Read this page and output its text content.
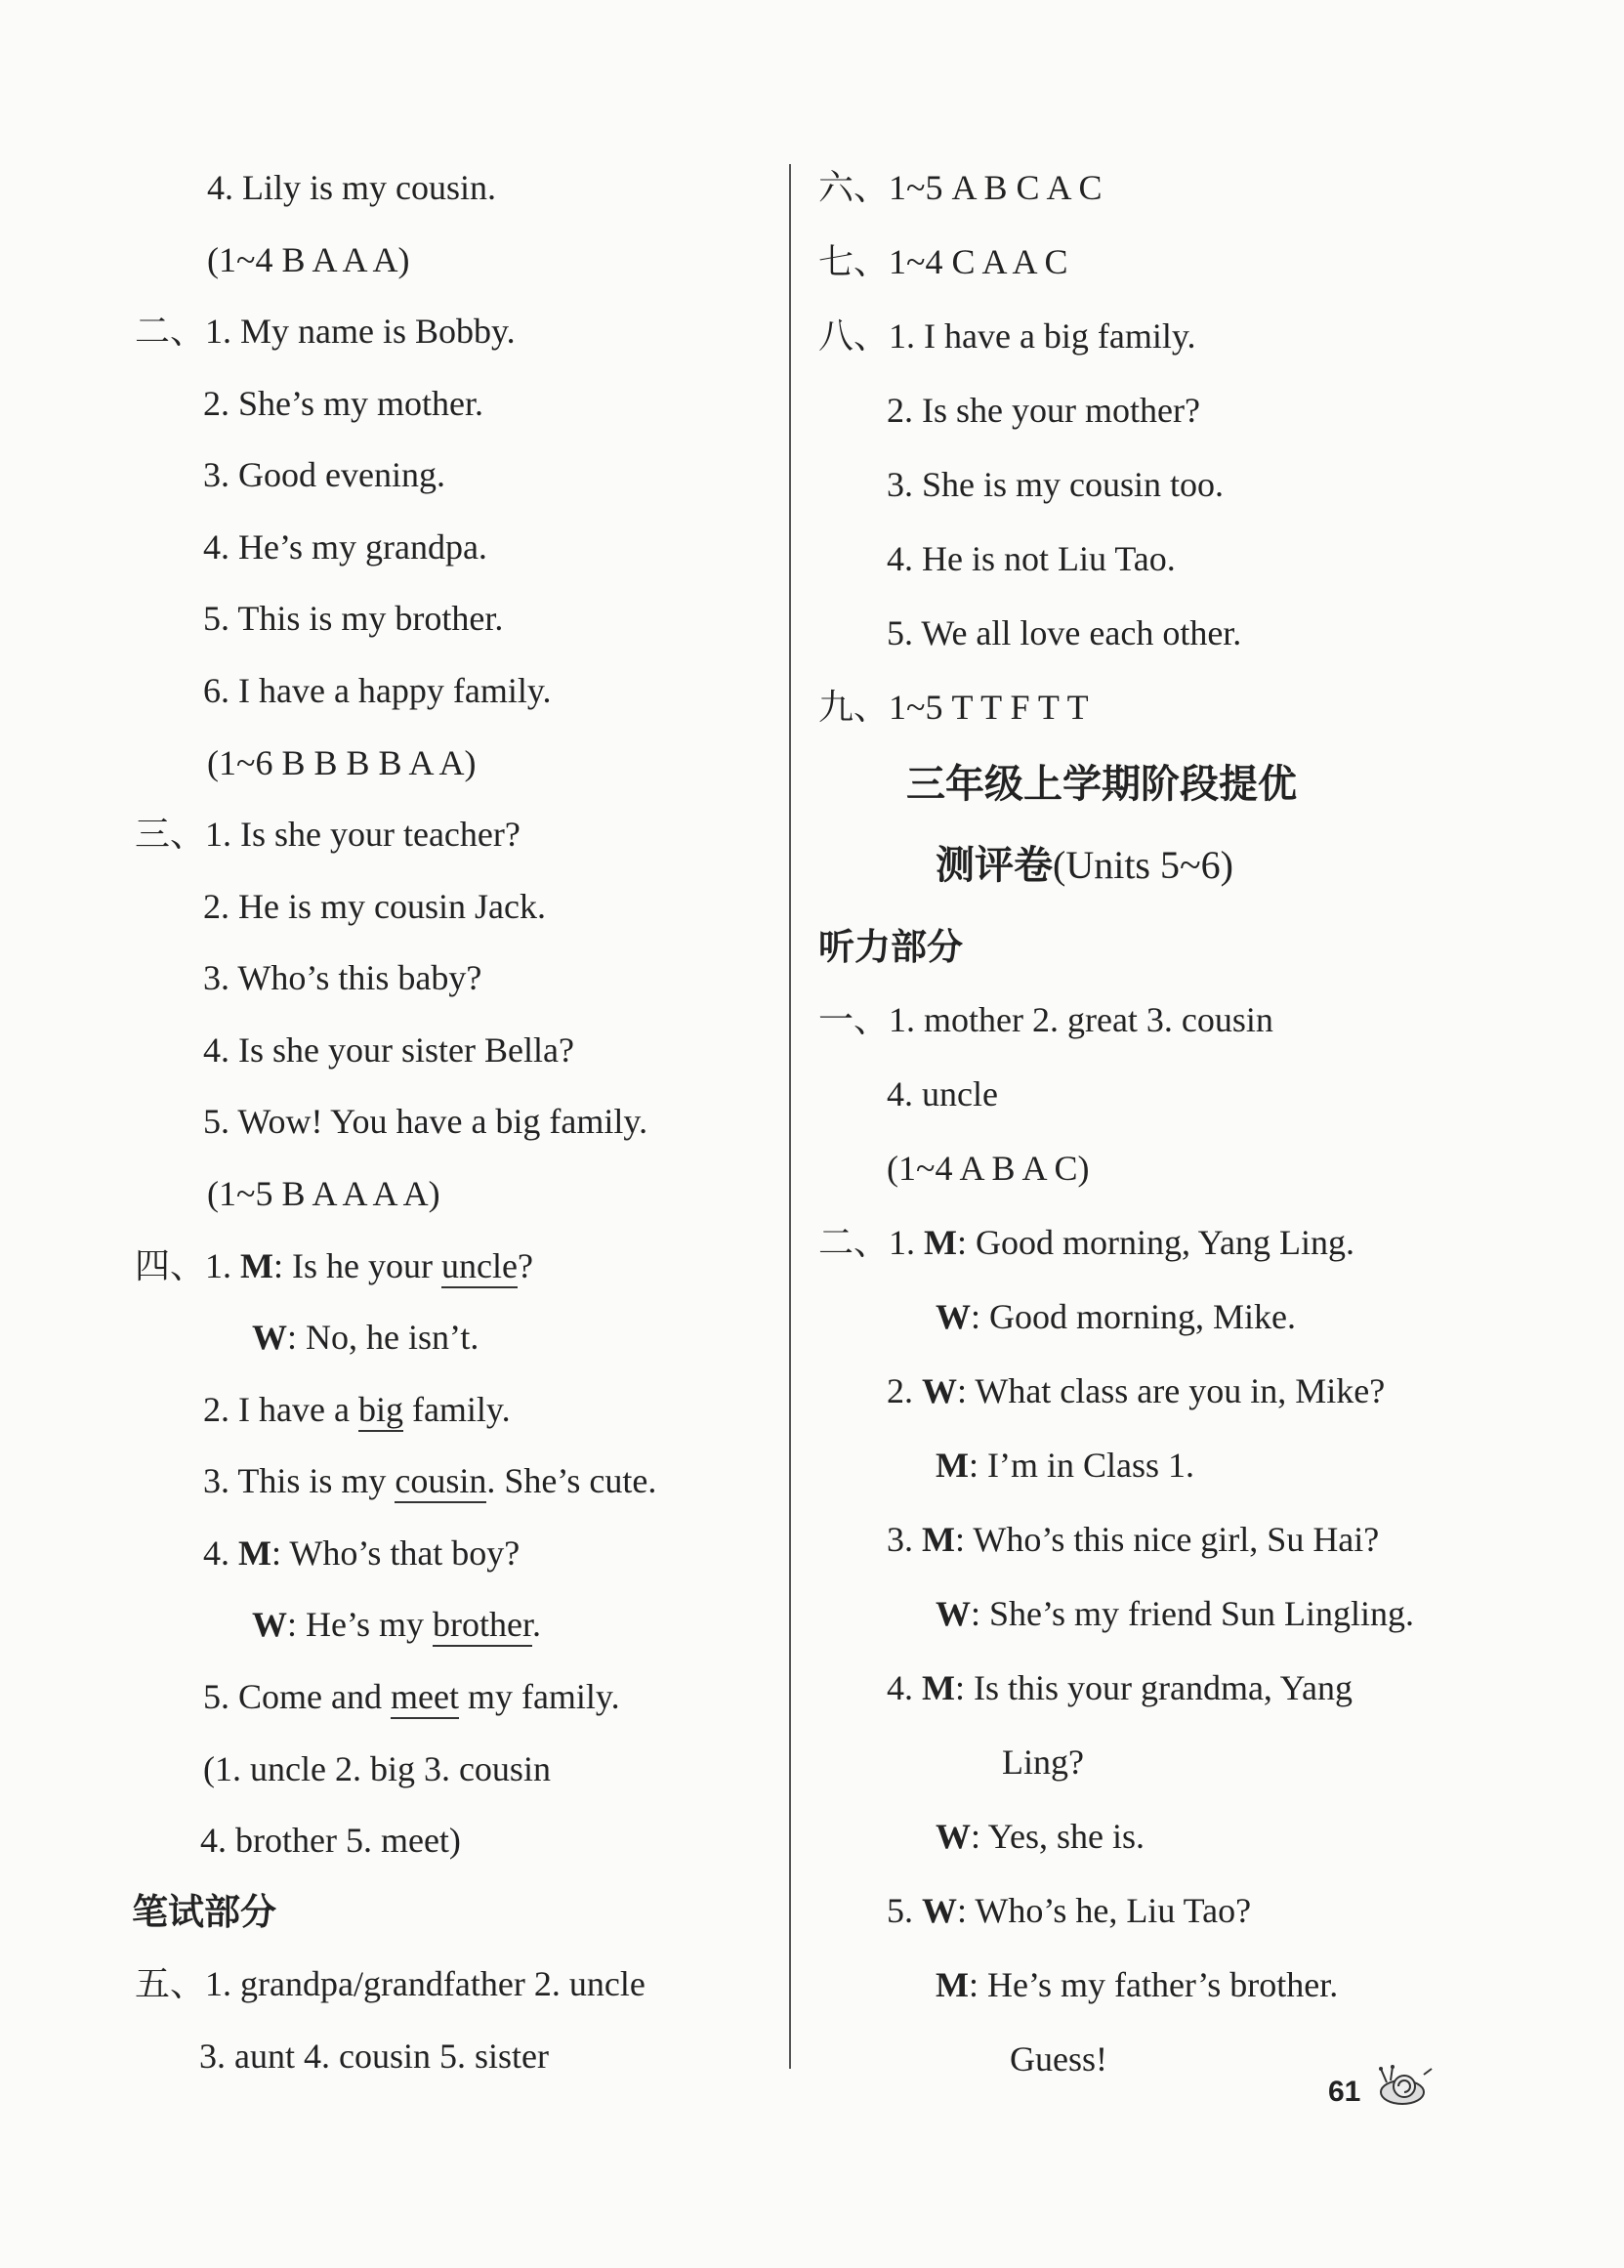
4. Lily is my cousin.
(1~4 B A A A)
二、1. My name is Bobby.
2. She’s my mother.
3. Good evening.
4. He’s my grandpa.
5. This is my brother.
6. I have a happy family.
(1~6 B B B B A A)
三、1. Is she your teacher?
2. He is my cousin Jack.
3. Who’s this baby?
4. Is she your sister Bella?
5. Wow! You have a big family.
(1~5 B A A A A)
四、1. M: Is he your uncle?
W: No, he isn’t.
2. I have a big family.
3. This is my cousin. She’s cute.
4. M: Who’s that boy?
W: He’s my brother.
5. Come and meet my family.
(1. uncle 2. big 3. cousin
4. brother 5. meet)
笔试部分
五、1. grandpa/grandfather 2. uncle
3. aunt 4. cousin 5. sister
六、1~5 A B C A C
七、1~4 C A A C
八、1. I have a big family.
2. Is she your mother?
3. She is my cousin too.
4. He is not Liu Tao.
5. We all love each other.
九、1~5 T T F T T
三年级上学期阶段提优
测评卷(Units 5~6)
听力部分
一、1. mother 2. great 3. cousin
4. uncle
(1~4 A B A C)
二、1. M: Good morning, Yang Ling.
W: Good morning, Mike.
2. W: What class are you in, Mike?
M: I’m in Class 1.
3. M: Who’s this nice girl, Su Hai?
W: She’s my friend Sun Lingling.
4. M: Is this your grandma, Yang
Ling?
W: Yes, she is.
5. W: Who’s he, Liu Tao?
M: He’s my father’s brother.
Guess!
61
